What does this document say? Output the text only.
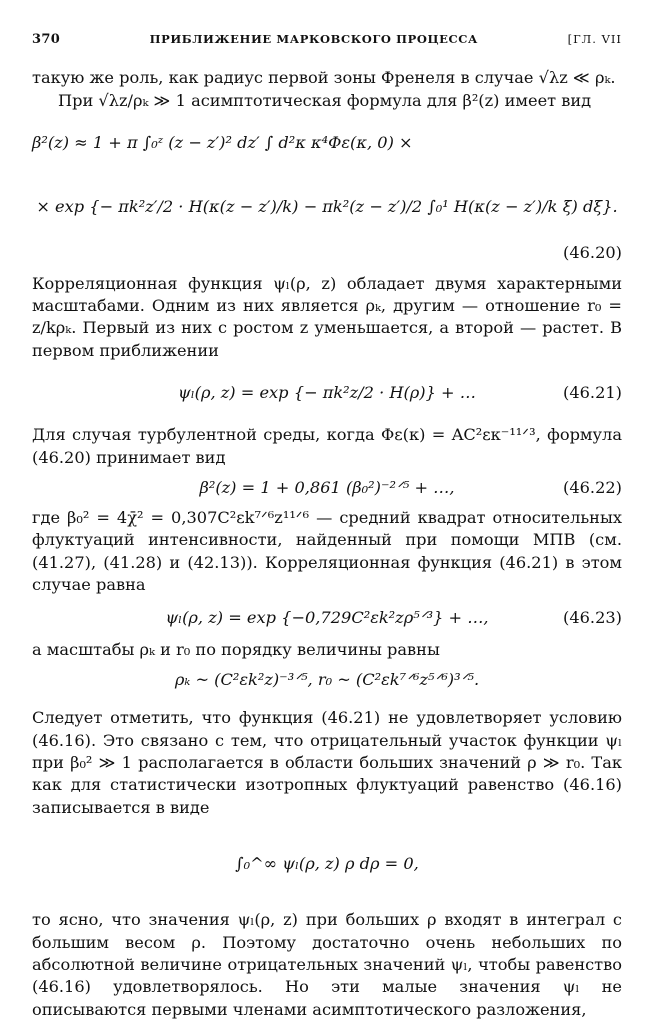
370	ПРИБЛИЖЕНИЕ МАРКОВСКОГО ПРОЦЕССА	[ГЛ. VII

такую же роль, как радиус первой зоны Френеля в случае √λz ≪ ρₖ.

При √λz/ρₖ ≫ 1 асимптотическая формула для β²(z) имеет вид

β²(z) ≈ 1 + π ∫₀ᶻ (z − z′)² dz′ ∫ d²κ κ⁴Φε(κ, 0) ×
× exp {− πk²z′/2 · H(κ(z − z′)/k) − πk²(z − z′)/2 ∫₀¹ H(κ(z − z′)/k ξ) dξ}.
(46.20)

Корреляционная функция ψₗ(ρ, z) обладает двумя характерными масштабами. Одним из них является ρₖ, другим — отношение r₀ = z/kρₖ. Первый из них с ростом z уменьшается, а второй — растет. В первом приближении

ψₗ(ρ, z) = exp {− πk²z/2 · H(ρ)} + …	(46.21)

Для случая турбулентной среды, когда Φε(κ) = AC²εκ⁻¹¹ᐟ³, формула (46.20) принимает вид

β²(z) = 1 + 0,861 (β₀²)⁻²ᐟ⁵ + …,	(46.22)

где β₀² = 4χ̄² = 0,307C²εk⁷ᐟ⁶z¹¹ᐟ⁶ — средний квадрат относительных флуктуаций интенсивности, найденный при помощи МПВ (см. (41.27), (41.28) и (42.13)). Корреляционная функция (46.21) в этом случае равна

ψₗ(ρ, z) = exp {−0,729C²εk²zρ⁵ᐟ³} + …,	(46.23)

а масштабы ρₖ и r₀ по порядку величины равны

ρₖ ~ (C²εk²z)⁻³ᐟ⁵, r₀ ~ (C²εk⁷ᐟ⁶z⁵ᐟ⁶)³ᐟ⁵.

Следует отметить, что функция (46.21) не удовлетворяет условию (46.16). Это связано с тем, что отрицательный участок функции ψₗ при β₀² ≫ 1 располагается в области больших значений ρ ≫ r₀. Так как для статистически изотропных флуктуаций равенство (46.16) записывается в виде

∫₀^∞ ψₗ(ρ, z) ρ dρ = 0,

то ясно, что значения ψₗ(ρ, z) при больших ρ входят в интеграл с большим весом ρ. Поэтому достаточно очень небольших по абсолютной величине отрицательных значений ψₗ, чтобы равенство (46.16) удовлетворялось. Но эти малые значения ψₗ не описываются первыми членами асимптотического разложения,
